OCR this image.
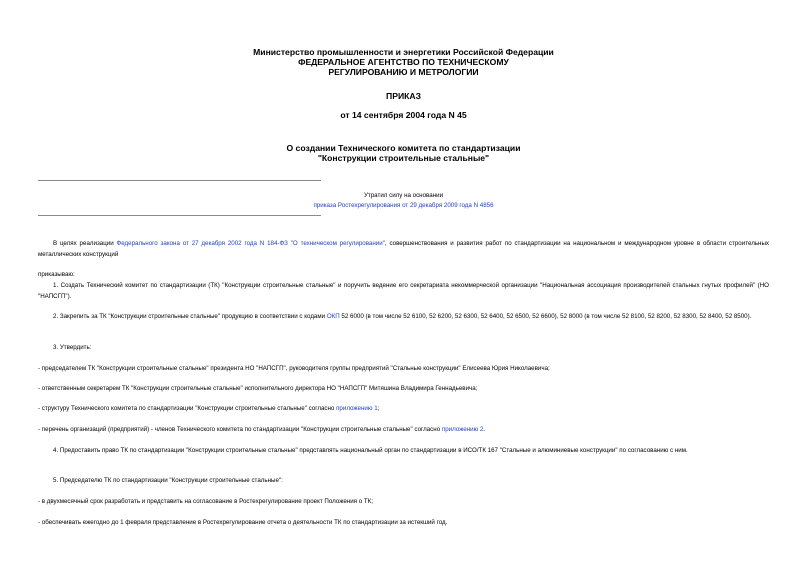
Министерство промышленности и энергетики Российской Федерации
ФЕДЕРАЛЬНОЕ АГЕНТСТВО ПО ТЕХНИЧЕСКОМУ
РЕГУЛИРОВАНИЮ И МЕТРОЛОГИИ
ПРИКАЗ
от 14 сентября 2004 года N 45
О создании Технического комитета по стандартизации
"Конструкции строительные стальные"
Утратил силу на основании
приказа Ростехрегулирования от 29 декабря 2009 года N 4856
В целях реализации Федерального закона от 27 декабря 2002 года N 184-ФЗ "О техническом регулировании", совершенствования и развития работ по стандартизации на национальном и международном уровне в области строительных металлических конструкций
приказываю:
1. Создать Технический комитет по стандартизации (ТК) "Конструкции строительные стальные" и поручить ведение его секретариата некоммерческой организации "Национальная ассоциация производителей стальных гнутых профилей" (НО "НАПСГП").
2. Закрепить за ТК "Конструкции строительные стальные" продукцию в соответствии с кодами ОКП 52 6000 (в том числе 52 6100, 52 6200, 52 6300, 52 6400, 52 6500, 52 6600), 52 8000 (в том числе 52 8100, 52 8200, 52 8300, 52 8400, 52 8500).
3. Утвердить:
- председателем ТК "Конструкции строительные стальные" президента НО "НАПСГП", руководителя группы предприятий "Стальные конструкции" Елисеева Юрия Николаевича;
- ответственным секретарем ТК "Конструкции строительные стальные" исполнительного директора НО "НАПСГП" Митяшина Владимира Геннадьевича;
- структуру Технического комитета по стандартизации "Конструкции строительные стальные" согласно приложению 1;
- перечень организаций (предприятий) - членов Технического комитета по стандартизации "Конструкции строительные стальные" согласно приложению 2.
4. Предоставить право ТК по стандартизации "Конструкции строительные стальные" представлять национальный орган по стандартизации в ИСО/ТК 167 "Стальные и алюминиевые конструкции" по согласованию с ним.
5. Председателю ТК по стандартизации "Конструкции строительные стальные":
- в двухмесячный срок разработать и представить на согласование в Ростехрегулирование проект Положения о ТК;
- обеспечивать ежегодно до 1 февраля представление в Ростехрегулирование отчета о деятельности ТК по стандартизации за истекший год.
